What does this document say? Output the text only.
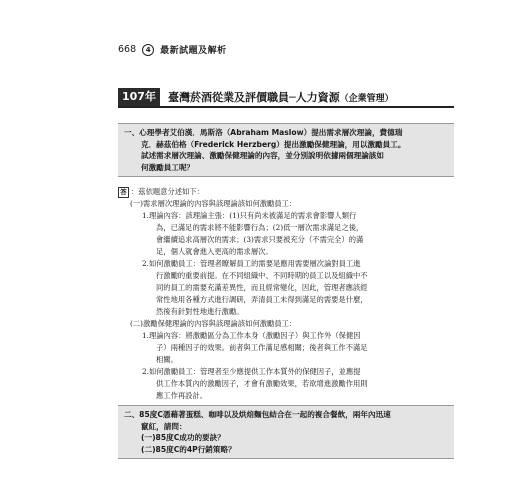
668	4	最新試題及解析
107年	臺灣菸酒從業及評價職員─人力資源（企業管理）
一、心理學者艾伯漢．馬斯洛（Abraham Maslow）提出需求層次理論，費德瑞
克．赫茲伯格（Frederick Herzberg）提出激勵保健理論，用以激勵員工。
試述需求層次理論、激勵保健理論的內容，並分別說明依據兩個理論該如
何激勵員工呢？
答 ：茲依題意分述如下：
(一)需求層次理論的內容與該理論該如何激勵員工：
1.理論內容：該理論主張：(1)只有尚未被滿足的需求會影響人類行
為，已滿足的需求將不能影響行為；(2)低一層次需求滿足之後，
會繼續追求高層次的需求；(3)需求只要被充分（不需完全）的滿
足，個人就會進入更高的需求層次。
2.如何激勵員工：管理者瞭解員工的需要是應用需要層次論對員工進
行激勵的重要前提。在不同組織中、不同時期的員工以及組織中不
同的員工的需要充滿差異性，而且經常變化，因此，管理者應該經
常性地用各種方式進行調研，弄清員工未得到滿足的需要是什麼，
然後有針對性地進行激勵。
(二)激勵保健理論的內容與該理論該如何激勵員工：
1.理論內容：將激勵區分為工作本身（激勵因子）與工作外（保健因
子）兩種因子的效果。前者與工作滿足感相關；後者與工作不滿足
相關。
2.如何激勵員工：管理者至少應提供工作本質外的保健因子，並應提
供工作本質內的激勵因子，才會有激勵效果，若欲增進激勵作用則
應工作再設計。
二、85度C憑藉著蛋糕、咖啡以及烘焙麵包結合在一起的複合餐飲，兩年內迅速
竄紅，請問：
(一)85度C成功的要訣？
(二)85度C的4P行銷策略？
